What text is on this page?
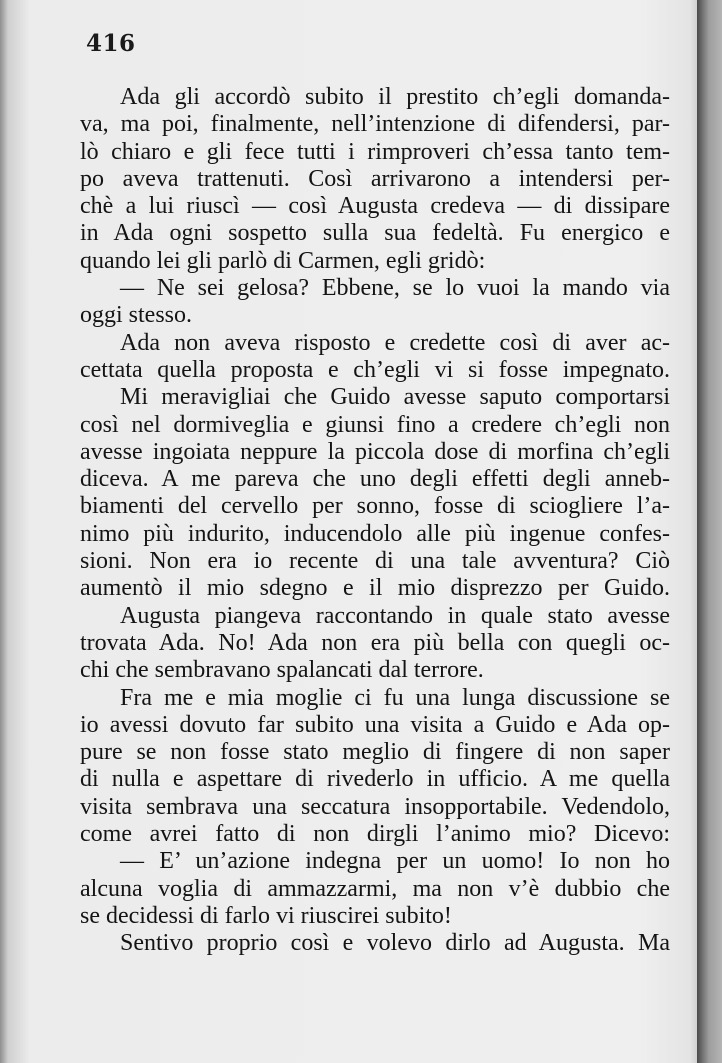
416
Ada gli accordò subito il prestito ch’egli domanda-
va, ma poi, finalmente, nell’intenzione di difendersi, par-
lò chiaro e gli fece tutti i rimproveri ch’essa tanto tem-
po aveva trattenuti. Così arrivarono a intendersi per-
chè a lui riuscì — così Augusta credeva — di dissipare
in Ada ogni sospetto sulla sua fedeltà. Fu energico e
quando lei gli parlò di Carmen, egli gridò:
— Ne sei gelosa? Ebbene, se lo vuoi la mando via
oggi stesso.
Ada non aveva risposto e credette così di aver ac-
cettata quella proposta e ch’egli vi si fosse impegnato.
Mi meravigliai che Guido avesse saputo comportarsi
così nel dormiveglia e giunsi fino a credere ch’egli non
avesse ingoiata neppure la piccola dose di morfina ch’egli
diceva. A me pareva che uno degli effetti degli anneb-
biamenti del cervello per sonno, fosse di sciogliere l’a-
nimo più indurito, inducendolo alle più ingenue confes-
sioni. Non era io recente di una tale avventura? Ciò
aumentò il mio sdegno e il mio disprezzo per Guido.
Augusta piangeva raccontando in quale stato avesse
trovata Ada. No! Ada non era più bella con quegli oc-
chi che sembravano spalancati dal terrore.
Fra me e mia moglie ci fu una lunga discussione se
io avessi dovuto far subito una visita a Guido e Ada op-
pure se non fosse stato meglio di fingere di non saper
di nulla e aspettare di rivederlo in ufficio. A me quella
visita sembrava una seccatura insopportabile. Vedendolo,
come avrei fatto di non dirgli l’animo mio? Dicevo:
— E’ un’azione indegna per un uomo! Io non ho
alcuna voglia di ammazzarmi, ma non v’è dubbio che
se decidessi di farlo vi riuscirei subito!
Sentivo proprio così e volevo dirlo ad Augusta. Ma
